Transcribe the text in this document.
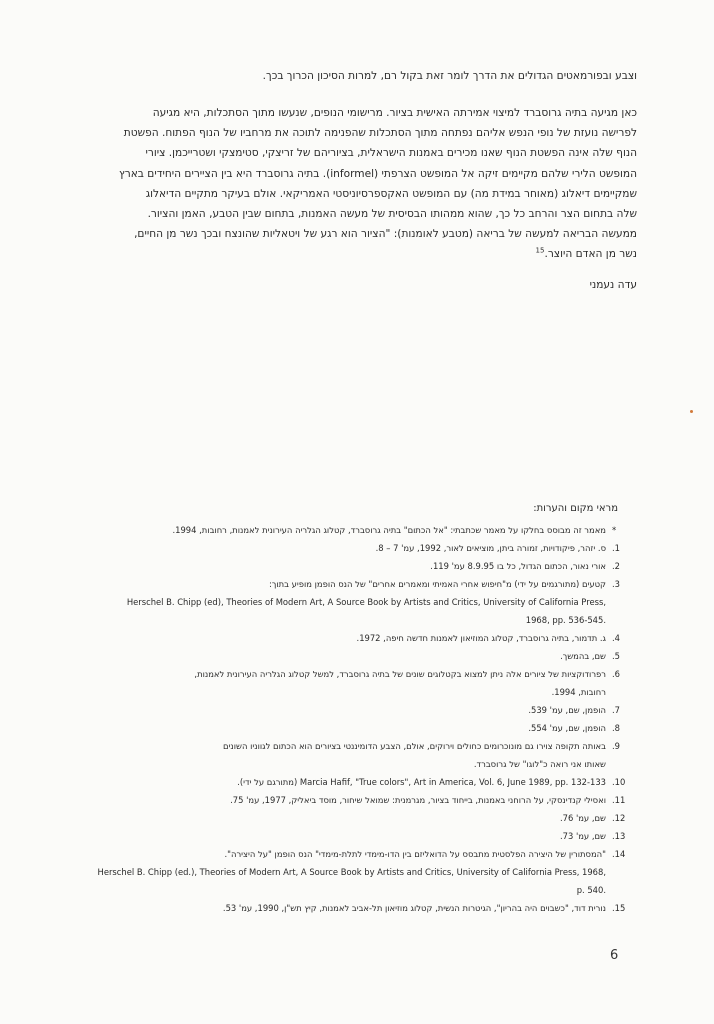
וצבע ובפורמאטים הגדולים את הדרך לומר זאת בקול רם, למרות הסיכון הכרוך בכך.

כאן מגיעה בתיה גרוסברד למיצוי אמירתה האישית בציור. מרישומי הנופים, שנעשו מתוך הסתכלות, היא מגיעה
לפרישה נועזת של נופי הנפש אליהם נפתחה מתוך הסתכלות שהפנימה לתוכה את מרחביו של הנוף הפתוח. הפשטת
הנוף שלה אינה הפשטת הנוף שאנו מכירים באמנות הישראלית, בציוריהם של זריצקי, סטימצקי ושטרייכמן. ציורי
המופשט הלירי שלהם מקיימים זיקה אל המופשט הצרפתי (informel). בתיה גרוסברד היא בין הציירים היחידים בארץ
שמקיימים דיאלוג (מאוחר במידת מה) עם המופשט האקספרסיוניסטי האמריקאי. אולם בעיקר מתקיים הדיאלוג
שלה בתחום הצר והרחב כל כך, שהוא ממהותו הבסיסית של מעשה האמנות, בתחום שבין הטבע, האמן והציור.
ממעשה הבריאה למעשה של בריאה (מטבע לאומנות): "הציור הוא רגע של ויטאליות שהונצח ובכך נשר מן החיים,
נשר מן האדם היוצר.$^{15}$

עדה נעמני
מראי מקום והערות:
*
מאמר זה מבוסס בחלקו על מאמר שכתבתי: "אל הכתום" בתיה גרוסברד, קטלוג הגלריה העירונית לאמנות, רחובות, 1994.
.1
ס. יזהר, פיקודויות, זמורה ביתן, מוציאים לאור, 1992, עמ' 7 – 8.
.2
אורי נאור, הכתום הגדול, כל בו 8.9.95 עמ' 119.
.3
קטעים (מתורגמים על ידי) מ"חיפוש אחרי האמיתי ומאמרים אחרים" של הנס הופמן מופיע בתוך:
Herschel B. Chipp (ed), Theories of Modern Art, A Source Book by Artists and Critics, University of California Press,
1968, pp. 536-545.
.4
ג. תדמור, בתיה גרוסברד, קטלוג המוזיאון לאמנות חדשה חיפה, 1972.
.5
שם, בהמשך.
.6
רפרודוקציות של ציורים אלה ניתן למצוא בקטלוגים שונים של בתיה גרוסברד, למשל קטלוג הגלריה העירונית לאמנות,
רחובות, 1994.
.7
הופמן, שם, עמ' 539.
.8
הופמן, שם, עמ' 554.
.9
באותה תקופה צוירו גם מונוכרומים כחולים וירוקים, אולם, הצבע הדומיננטי בציורים הוא הכתום לגווניו השונים
שאותו אני רואה כ"לוגו" של גרוסברד.
.10
Marcia Hafif, "True colors", Art in America, Vol. 6, June 1989, pp. 132-133 (מתורגם על ידי).
.11
ואסילי קנדינסקי, על הרוחני באמנות, בייחוד בציור, מגרמנית: שמואל שיחור, מוסד ביאליק, 1977, עמ' 75.
.12
שם, עמ' 76.
.13
שם, עמ' 73.
.14
"המסתורין של היצירה הפלסטית מתבסס על הדואליזם בין הדו-מימדי לתלת-מימדי" הנס הופמן "על היצירה".
Herschel B. Chipp (ed.), Theories of Modern Art, A Source Book by Artists and Critics, University of California Press, 1968,
p. 540.
.15
נורית דוד, "כשבוים היה בהריון", הגיטרות הנשית, קטלוג מוזיאון תל-אביב לאמנות, קיץ תש"ן, 1990, עמ' 53.
6
